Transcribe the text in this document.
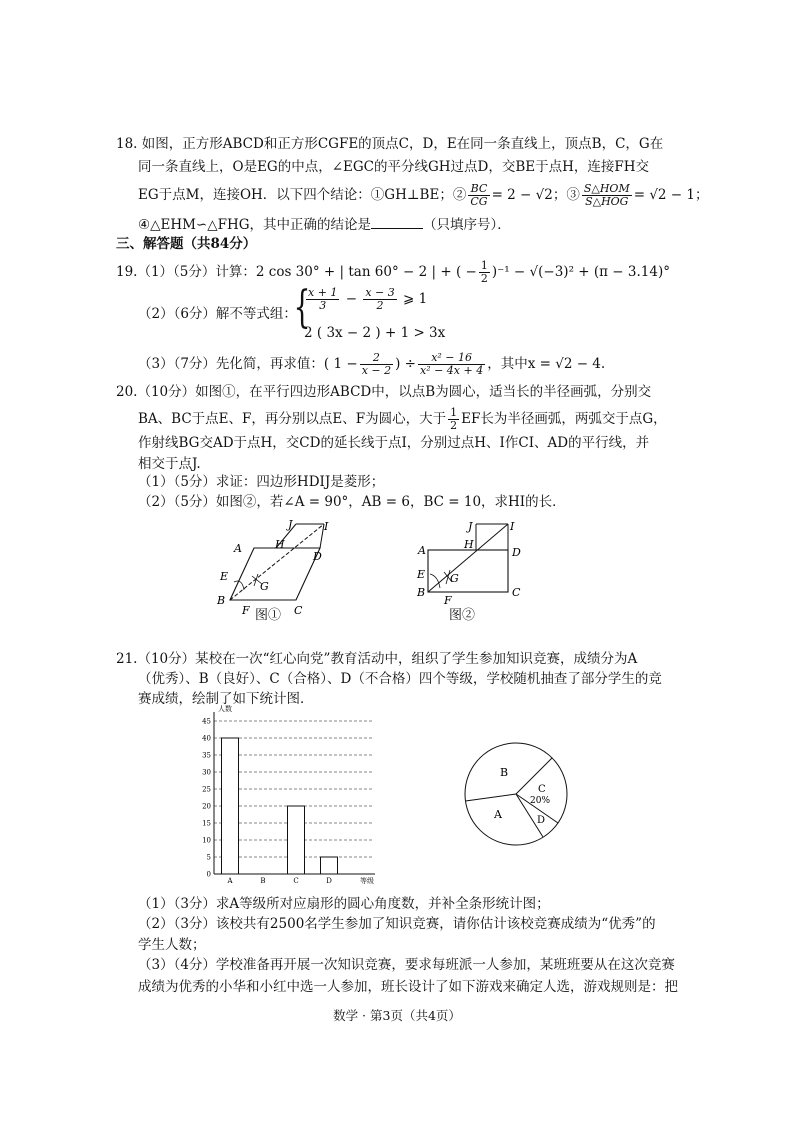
18. 如图，正方形ABCD和正方形CGFE的顶点C，D，E在同一条直线上，顶点B，C，G在
同一条直线上，O是EG的中点，∠EGC的平分线GH过点D，交BE于点H，连接FH交
EG于点M，连接OH．以下四个结论：①GH⊥BE；② $\frac{BC}{CG} = 2 - √2$；③ $\frac{\text{S△HOM}}{\text{S△HOG}} = √2 - 1$；
④△EHM∽△FHG，其中正确的结论是	（只填序号）．
三、解答题（共84分）
19.（1）（5分）计算：2 cos 30° + | tan 60° − 2 | + ( − $\frac{1}{2} )^{-1} - √(-3)^2 + (\pi - 3.14)^\circ$
（2）（6分）解不等式组：
{
$\frac{x + 1}{3} - \frac{x - 3}{2}$ ⩾ 1
2 ( 3x − 2 ) + 1 > 3x
（3）（7分）先化简，再求值：( $1 - \frac{2}{x - 2}$ ) ÷ $\frac{\text{x² − 16}}{\text{x² − 4x + 4}}$ ，其中x = √2 − 4.
20.（10分）如图①，在平行四边形ABCD中，以点B为圆心，适当长的半径画弧，分别交
BA、BC于点E、F，再分别以点E、F为圆心，大于 $\frac{1}{2}$ EF长为半径画弧，两弧交于点G，
作射线BG交AD于点H，交CD的延长线于点I，分别过点H、I作CI、AD的平行线，并
相交于点J.
（1）（5分）求证：四边形HDIJ是菱形；
（2）（5分）如图②，若∠A = 90°，AB = 6，BC = 10，求HI的长．
A
B
C
D
E
F
G
H
I
J
图①
A
B	C
D
E
F
G
H
I
J
图②
21.（10分）某校在一次“红心向党”教育活动中，组织了学生参加知识竞赛，成绩分为A
（优秀）、B（良好）、C（合格）、D（不合格）四个等级，学校随机抽查了部分学生的竞
赛成绩，绘制了如下统计图．
人数
等级
0
5
10
15
20
25
30
35
40
45
A	B	C	D
B
A
C
20%
D
（1）（3分）求A等级所对应扇形的圆心角度数，并补全条形统计图；
（2）（3分）该校共有2500名学生参加了知识竞赛，请你估计该校竞赛成绩为“优秀”的
学生人数；
（3）（4分）学校准备再开展一次知识竞赛，要求每班派一人参加，某班班要从在这次竞赛
成绩为优秀的小华和小红中选一人参加，班长设计了如下游戏来确定人选，游戏规则是：把
数学 · 第3页（共4页）
